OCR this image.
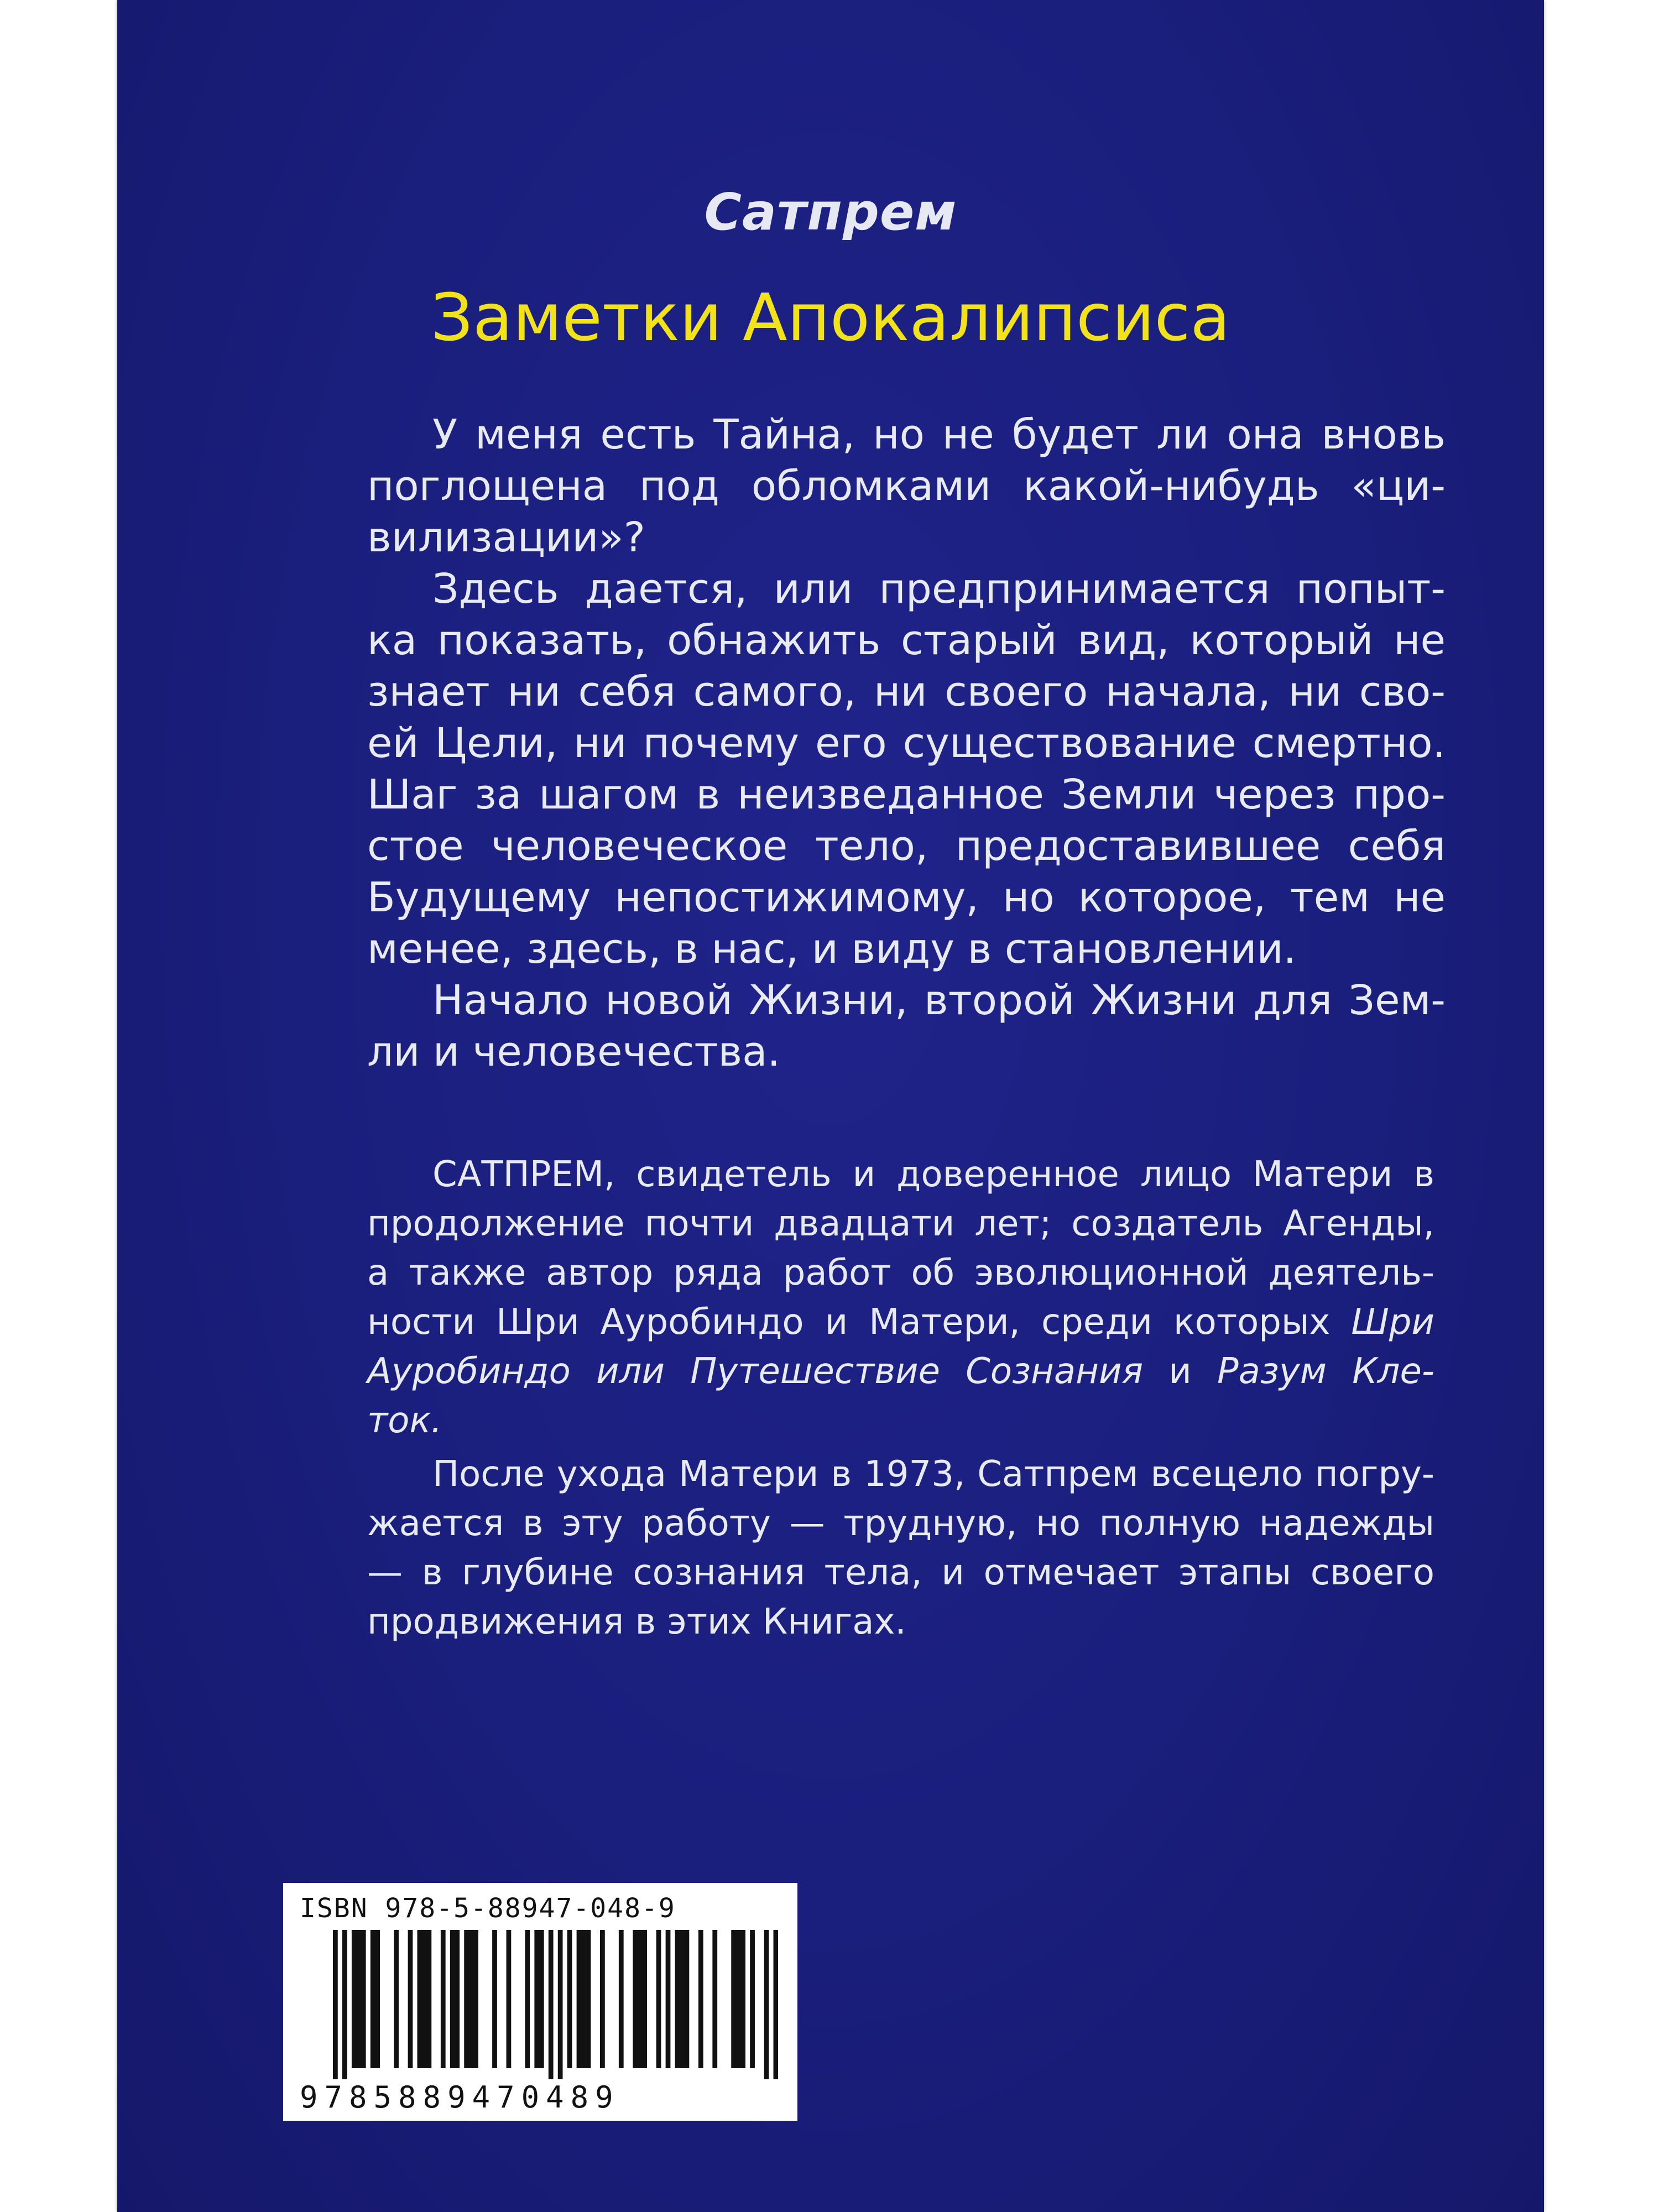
Сатпрем
Заметки Апокалипсиса
У меня есть Тайна, но не будет ли она вновь
поглощена под обломками какой-нибудь «ци-
вилизации»?
Здесь дается, или предпринимается попыт-
ка показать, обнажить старый вид, который не
знает ни себя самого, ни своего начала, ни сво-
ей Цели, ни почему его существование смертно.
Шаг за шагом в неизведанное Земли через про-
стое человеческое тело, предоставившее себя
Будущему непостижимому, но которое, тем не
менее, здесь, в нас, и виду в становлении.
Начало новой Жизни, второй Жизни для Зем-
ли и человечества.
САТПРЕМ, свидетель и доверенное лицо Матери в
продолжение почти двадцати лет; создатель Агенды,
а также автор ряда работ об эволюционной деятель-
ности Шри Ауробиндо и Матери, среди которых Шри
Ауробиндо или Путешествие Сознания и Разум Кле-
ток.
После ухода Матери в 1973, Сатпрем всецело погру-
жается в эту работу — трудную, но полную надежды
— в глубине сознания тела, и отмечает этапы своего
продвижения в этих Книгах.
ISBN 978-5-88947-048-9
9785889470489
